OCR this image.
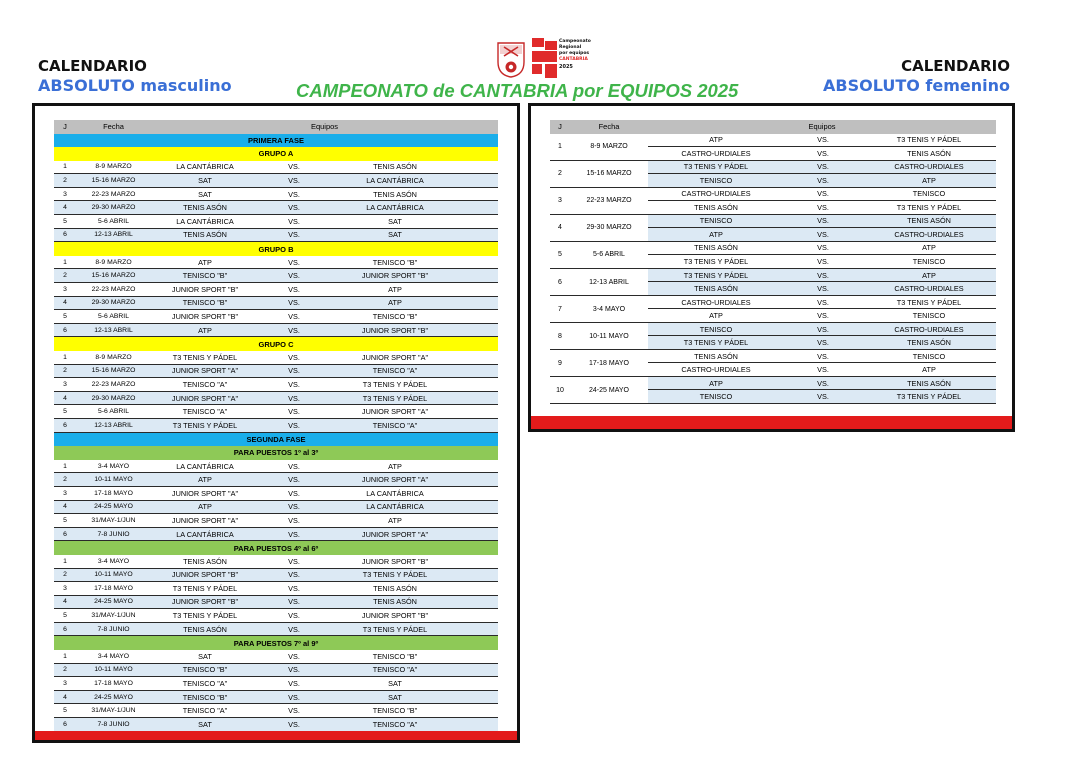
CALENDARIO
ABSOLUTO masculino
Campeonato
Regional
por equipos
CANTABRIA
2025
CAMPEONATO de CANTABRIA por EQUIPOS 2025
CALENDARIO
ABSOLUTO femenino
J	Fecha	Equipos
PRIMERA FASE
GRUPO A
1	8-9 MARZO	LA CANTÁBRICA	VS.	TENIS ASÓN
2	15-16 MARZO	SAT	VS.	LA CANTÁBRICA
3	22-23 MARZO	SAT	VS.	TENIS ASÓN
4	29-30 MARZO	TENIS ASÓN	VS.	LA CANTÁBRICA
5	5-6 ABRIL	LA CANTÁBRICA	VS.	SAT
6	12-13 ABRIL	TENIS ASÓN	VS.	SAT
GRUPO B
1	8-9 MARZO	ATP	VS.	TENISCO "B"
2	15-16 MARZO	TENISCO "B"	VS.	JUNIOR SPORT "B"
3	22-23 MARZO	JUNIOR SPORT "B"	VS.	ATP
4	29-30 MARZO	TENISCO "B"	VS.	ATP
5	5-6 ABRIL	JUNIOR SPORT "B"	VS.	TENISCO "B"
6	12-13 ABRIL	ATP	VS.	JUNIOR SPORT "B"
GRUPO C
1	8-9 MARZO	T3 TENIS Y PÁDEL	VS.	JUNIOR SPORT "A"
2	15-16 MARZO	JUNIOR SPORT "A"	VS.	TENISCO "A"
3	22-23 MARZO	TENISCO "A"	VS.	T3 TENIS Y PÁDEL
4	29-30 MARZO	JUNIOR SPORT "A"	VS.	T3 TENIS Y PÁDEL
5	5-6 ABRIL	TENISCO "A"	VS.	JUNIOR SPORT "A"
6	12-13 ABRIL	T3 TENIS Y PÁDEL	VS.	TENISCO "A"
SEGUNDA FASE
PARA PUESTOS 1º al 3º
1	3-4 MAYO	LA CANTÁBRICA	VS.	ATP
2	10-11 MAYO	ATP	VS.	JUNIOR SPORT "A"
3	17-18 MAYO	JUNIOR SPORT "A"	VS.	LA CANTÁBRICA
4	24-25 MAYO	ATP	VS.	LA CANTÁBRICA
5	31/MAY-1/JUN	JUNIOR SPORT "A"	VS.	ATP
6	7-8 JUNIO	LA CANTÁBRICA	VS.	JUNIOR SPORT "A"
PARA PUESTOS 4º al 6º
1	3-4 MAYO	TENIS ASÓN	VS.	JUNIOR SPORT "B"
2	10-11 MAYO	JUNIOR SPORT "B"	VS.	T3 TENIS Y PÁDEL
3	17-18 MAYO	T3 TENIS Y PÁDEL	VS.	TENIS ASÓN
4	24-25 MAYO	JUNIOR SPORT "B"	VS.	TENIS ASÓN
5	31/MAY-1/JUN	T3 TENIS Y PÁDEL	VS.	JUNIOR SPORT "B"
6	7-8 JUNIO	TENIS ASÓN	VS.	T3 TENIS Y PÁDEL
PARA PUESTOS 7º al 9º
1	3-4 MAYO	SAT	VS.	TENISCO "B"
2	10-11 MAYO	TENISCO "B"	VS.	TENISCO "A"
3	17-18 MAYO	TENISCO "A"	VS.	SAT
4	24-25 MAYO	TENISCO "B"	VS.	SAT
5	31/MAY-1/JUN	TENISCO "A"	VS.	TENISCO "B"
6	7-8 JUNIO	SAT	VS.	TENISCO "A"
J	Fecha	Equipos
1	8-9 MARZO
ATP	VS.	T3 TENIS Y PÁDEL
CASTRO-URDIALES	VS.	TENIS ASÓN
2	15-16 MARZO
T3 TENIS Y PÁDEL	VS.	CASTRO-URDIALES
TENISCO	VS.	ATP
3	22-23 MARZO
CASTRO-URDIALES	VS.	TENISCO
TENIS ASÓN	VS.	T3 TENIS Y PÁDEL
4	29-30 MARZO
TENISCO	VS.	TENIS ASÓN
ATP	VS.	CASTRO-URDIALES
5	5-6 ABRIL
TENIS ASÓN	VS.	ATP
T3 TENIS Y PÁDEL	VS.	TENISCO
6	12-13 ABRIL
T3 TENIS Y PÁDEL	VS.	ATP
TENIS ASÓN	VS.	CASTRO-URDIALES
7	3-4 MAYO
CASTRO-URDIALES	VS.	T3 TENIS Y PÁDEL
ATP	VS.	TENISCO
8	10-11 MAYO
TENISCO	VS.	CASTRO-URDIALES
T3 TENIS Y PÁDEL	VS.	TENIS ASÓN
9	17-18 MAYO
TENIS ASÓN	VS.	TENISCO
CASTRO-URDIALES	VS.	ATP
10	24-25 MAYO
ATP	VS.	TENIS ASÓN
TENISCO	VS.	T3 TENIS Y PÁDEL
